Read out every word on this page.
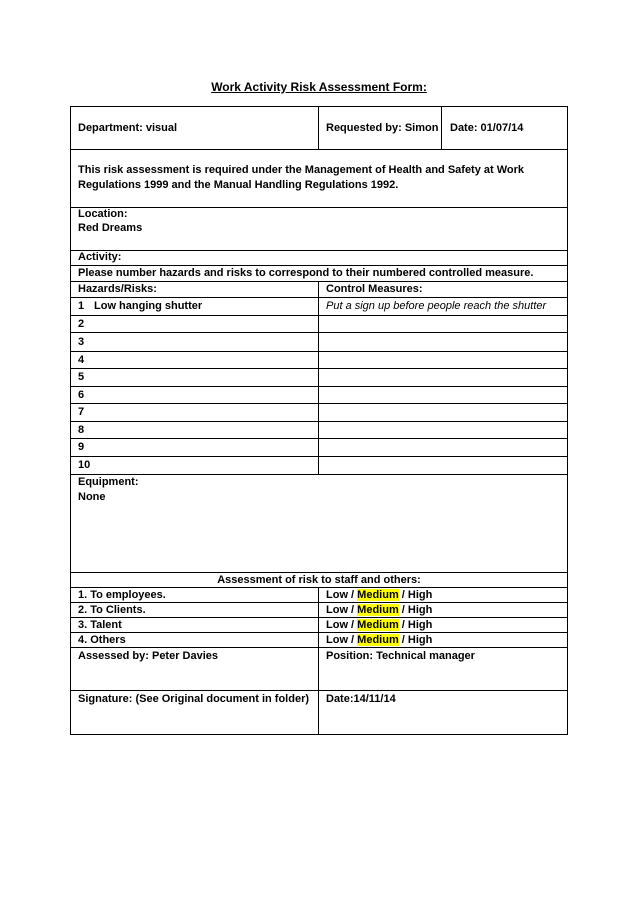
Work Activity Risk Assessment Form:
Department: visual	Requested by: Simon Date: 01/07/14
This risk assessment is required under the Management of Health and Safety at Work Regulations 1999 and the Manual Handling Regulations 1992.
Location:
Red Dreams
Activity:
Please number hazards and risks to correspond to their numbered controlled measure.
Hazards/Risks:	Control Measures:
1 Low hanging shutter	Put a sign up before people reach the shutter
2
3
4
5
6
7
8
9
10
Equipment:
None
Assessment of risk to staff and others:
1. To employees.	Low / Medium / High
2. To Clients.	Low / Medium / High
3. Talent	Low / Medium / High
4. Others	Low / Medium / High
Assessed by: Peter Davies	Position: Technical manager
Signature: (See Original document in folder) Date:14/11/14
